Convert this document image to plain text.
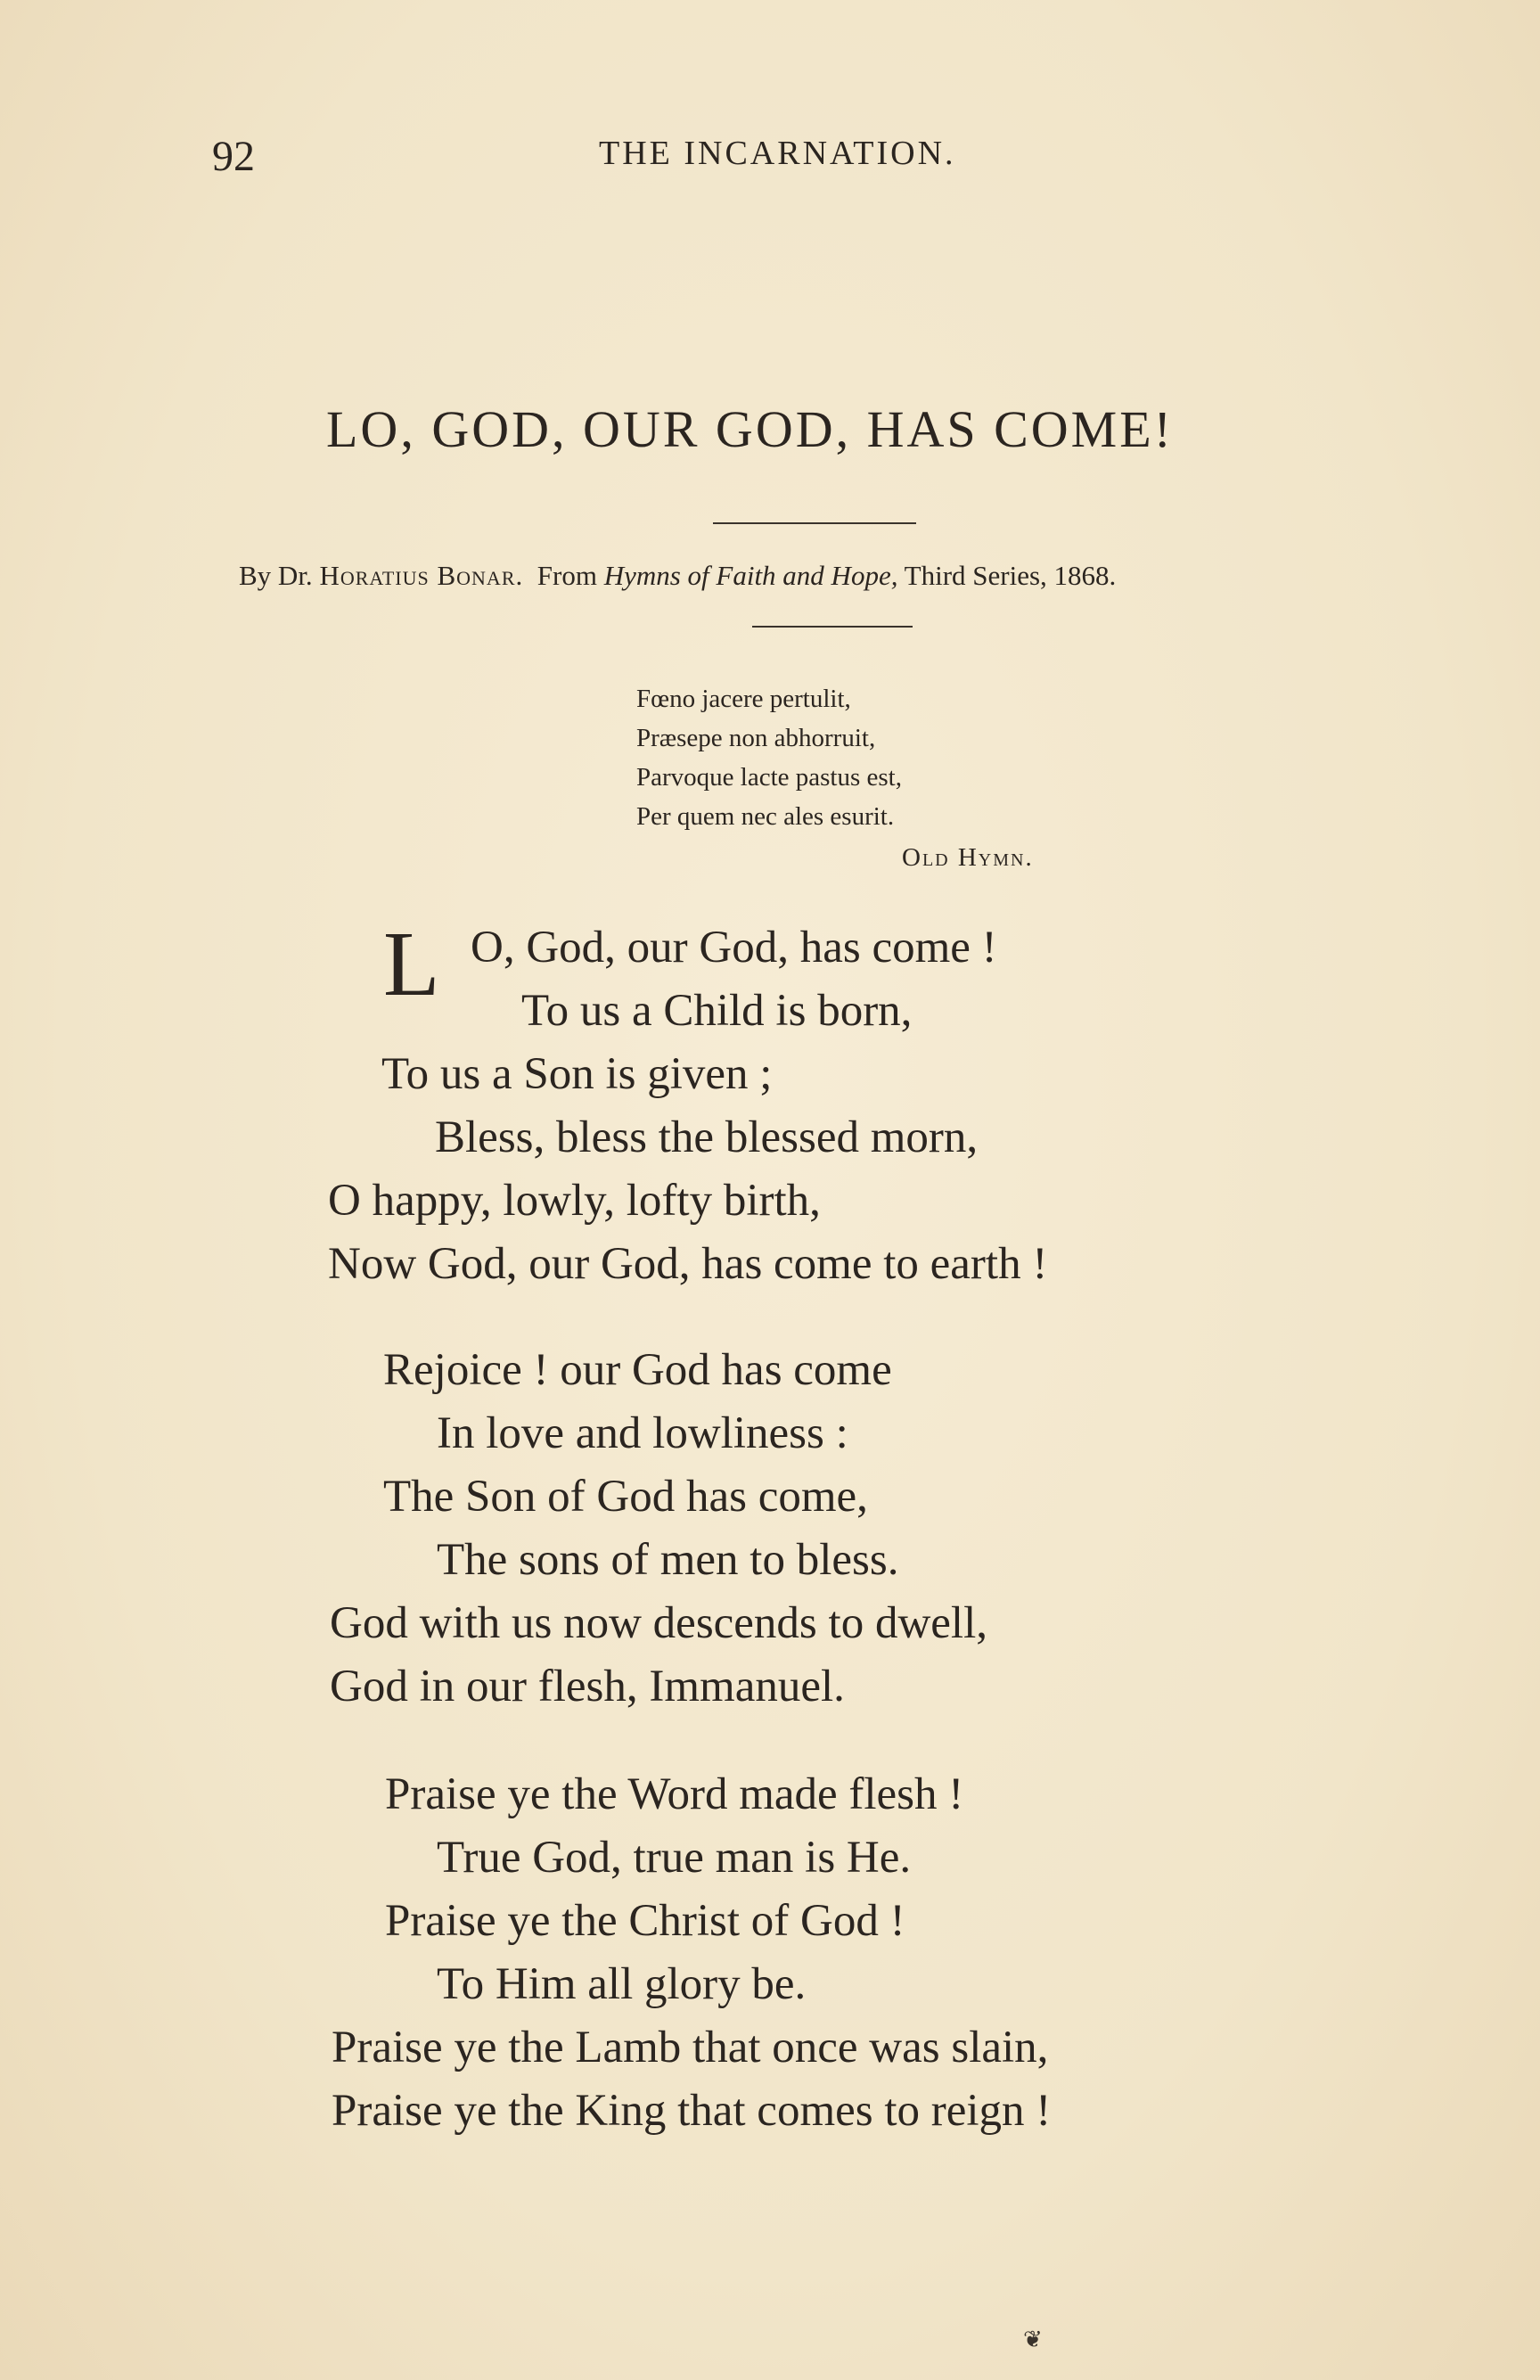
92	THE INCARNATION.
LO, GOD, OUR GOD, HAS COME!
By Dr. Horatius Bonar. From Hymns of Faith and Hope, Third Series, 1868.
Fœno jacere pertulit,
Præsepe non abhorruit,
Parvoque lacte pastus est,
Per quem nec ales esurit.
Old Hymn.
L O, God, our God, has come !
To us a Child is born,
To us a Son is given ;
Bless, bless the blessed morn,
O happy, lowly, lofty birth,
Now God, our God, has come to earth !
Rejoice ! our God has come
In love and lowliness :
The Son of God has come,
The sons of men to bless.
God with us now descends to dwell,
God in our flesh, Immanuel.
Praise ye the Word made flesh !
True God, true man is He.
Praise ye the Christ of God !
To Him all glory be.
Praise ye the Lamb that once was slain,
Praise ye the King that comes to reign !
❦
